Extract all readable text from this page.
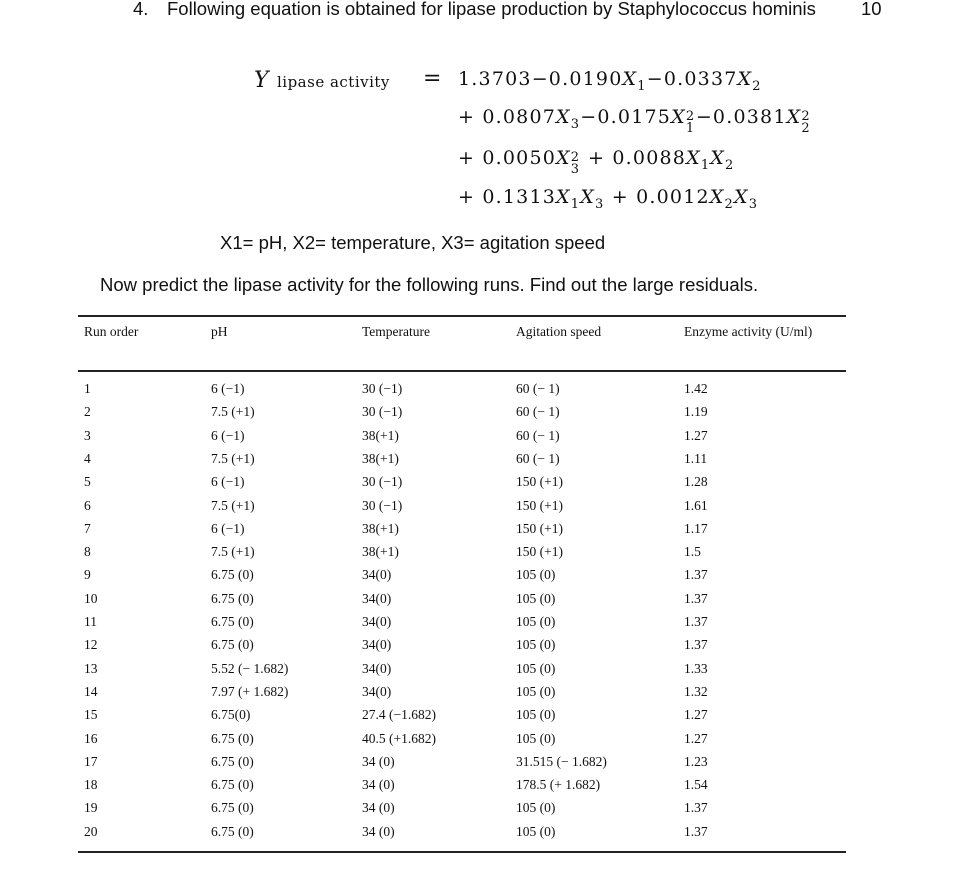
4. Following equation is obtained for lipase production by Staphylococcus hominis 10
Y lipase activity = $1.3703-0.0190X_1-0.0337X_2$
+ $0.0807X_3-0.0175X$ 2
1
−0.0381X 2
2
+ 0.0050X 2
3
+ $0.0088X_1X_2$
+ $0.1313X_1X_3 + 0.0012X_2X_3$
X1= pH, X2= temperature, X3= agitation speed
Now predict the lipase activity for the following runs. Find out the large residuals.
Run order	pH	Temperature	Agitation speed	Enzyme activity (U/ml)
1	6 (−1)	30 (−1)	60 (− 1)	1.42
2	7.5 (+1)	30 (−1)	60 (− 1)	1.19
3	6 (−1)	38(+1)	60 (− 1)	1.27
4	7.5 (+1)	38(+1)	60 (− 1)	1.11
5	6 (−1)	30 (−1)	150 (+1)	1.28
6	7.5 (+1)	30 (−1)	150 (+1)	1.61
7	6 (−1)	38(+1)	150 (+1)	1.17
8	7.5 (+1)	38(+1)	150 (+1)	1.5
9	6.75 (0)	34(0)	105 (0)	1.37
10	6.75 (0)	34(0)	105 (0)	1.37
11	6.75 (0)	34(0)	105 (0)	1.37
12	6.75 (0)	34(0)	105 (0)	1.37
13	5.52 (− 1.682)	34(0)	105 (0)	1.33
14	7.97 (+ 1.682)	34(0)	105 (0)	1.32
15	6.75(0)	27.4 (−1.682)	105 (0)	1.27
16	6.75 (0)	40.5 (+1.682)	105 (0)	1.27
17	6.75 (0)	34 (0)	31.515 (− 1.682)	1.23
18	6.75 (0)	34 (0)	178.5 (+ 1.682)	1.54
19	6.75 (0)	34 (0)	105 (0)	1.37
20	6.75 (0)	34 (0)	105 (0)	1.37
